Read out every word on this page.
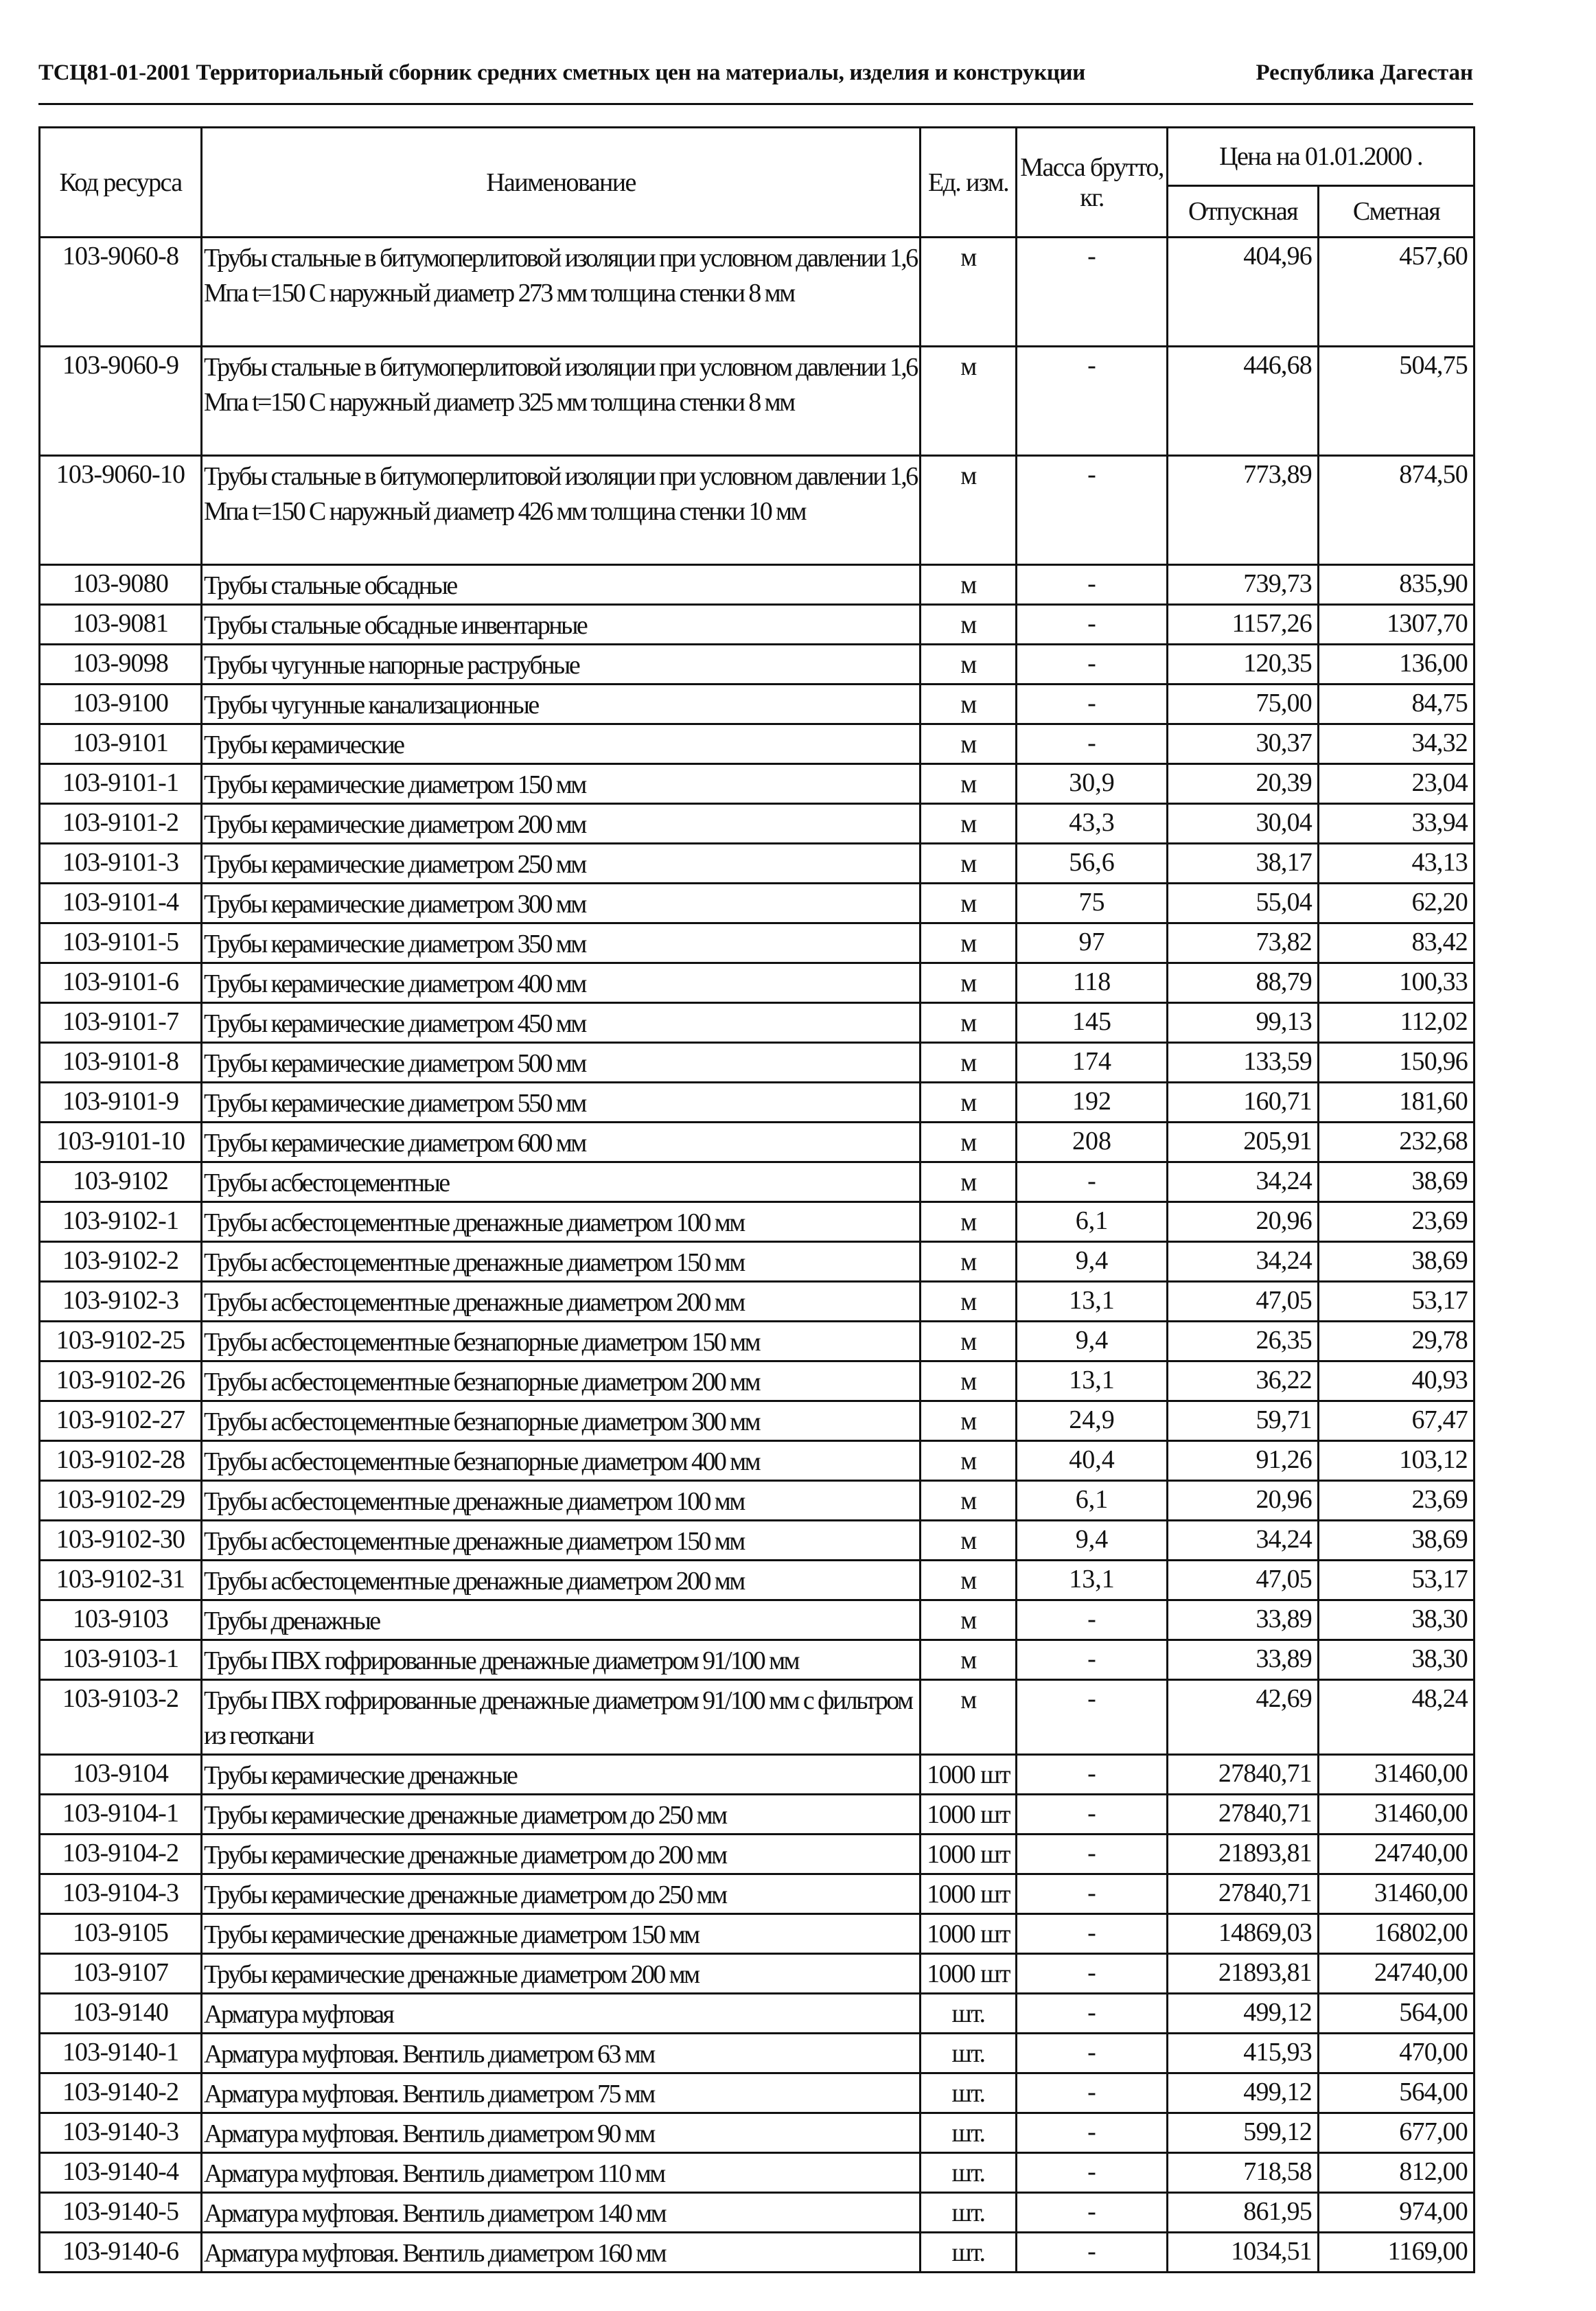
ТСЦ81-01-2001 Территориальный сборник средних сметных цен на материалы, изделия и конструкции	Республика Дагестан
Код ресурса	Наименование	Ед. изм.	Масса брутто, кг.	Цена на 01.01.2000 .	
				Отпускная	Сметная
103-9060-8	Трубы стальные в битумоперлитовой изоляции при условном давлении 1,6 Мпа t=150 С наружный диаметр 273 мм толщина стенки 8 мм	м	-	404,96	457,60
103-9060-9	Трубы стальные в битумоперлитовой изоляции при условном давлении 1,6 Мпа t=150 С наружный диаметр 325 мм толщина стенки 8 мм	м	-	446,68	504,75
103-9060-10	Трубы стальные в битумоперлитовой изоляции при условном давлении 1,6 Мпа t=150 С наружный диаметр 426 мм толщина стенки 10 мм	м	-	773,89	874,50
103-9080	Трубы стальные обсадные	м	-	739,73	835,90
103-9081	Трубы стальные обсадные инвентарные	м	-	1157,26	1307,70
103-9098	Трубы чугунные напорные раструбные	м	-	120,35	136,00
103-9100	Трубы чугунные канализационные	м	-	75,00	84,75
103-9101	Трубы керамические	м	-	30,37	34,32
103-9101-1	Трубы керамические диаметром 150 мм	м	30,9	20,39	23,04
103-9101-2	Трубы керамические диаметром 200 мм	м	43,3	30,04	33,94
103-9101-3	Трубы керамические диаметром 250 мм	м	56,6	38,17	43,13
103-9101-4	Трубы керамические диаметром 300 мм	м	75	55,04	62,20
103-9101-5	Трубы керамические диаметром 350 мм	м	97	73,82	83,42
103-9101-6	Трубы керамические диаметром 400 мм	м	118	88,79	100,33
103-9101-7	Трубы керамические диаметром 450 мм	м	145	99,13	112,02
103-9101-8	Трубы керамические диаметром 500 мм	м	174	133,59	150,96
103-9101-9	Трубы керамические диаметром 550 мм	м	192	160,71	181,60
103-9101-10	Трубы керамические диаметром 600 мм	м	208	205,91	232,68
103-9102	Трубы асбестоцементные	м	-	34,24	38,69
103-9102-1	Трубы асбестоцементные дренажные диаметром 100 мм	м	6,1	20,96	23,69
103-9102-2	Трубы асбестоцементные дренажные диаметром 150 мм	м	9,4	34,24	38,69
103-9102-3	Трубы асбестоцементные дренажные диаметром 200 мм	м	13,1	47,05	53,17
103-9102-25	Трубы асбестоцементные безнапорные диаметром 150 мм	м	9,4	26,35	29,78
103-9102-26	Трубы асбестоцементные безнапорные диаметром 200 мм	м	13,1	36,22	40,93
103-9102-27	Трубы асбестоцементные безнапорные диаметром 300 мм	м	24,9	59,71	67,47
103-9102-28	Трубы асбестоцементные безнапорные диаметром 400 мм	м	40,4	91,26	103,12
103-9102-29	Трубы асбестоцементные дренажные диаметром 100 мм	м	6,1	20,96	23,69
103-9102-30	Трубы асбестоцементные дренажные диаметром 150 мм	м	9,4	34,24	38,69
103-9102-31	Трубы асбестоцементные дренажные диаметром 200 мм	м	13,1	47,05	53,17
103-9103	Трубы дренажные	м	-	33,89	38,30
103-9103-1	Трубы ПВХ гофрированные дренажные диаметром 91/100 мм	м	-	33,89	38,30
103-9103-2	Трубы ПВХ гофрированные дренажные диаметром 91/100 мм с фильтром из геоткани	м	-	42,69	48,24
103-9104	Трубы керамические дренажные	1000 шт	-	27840,71	31460,00
103-9104-1	Трубы керамические дренажные диаметром до 250 мм	1000 шт	-	27840,71	31460,00
103-9104-2	Трубы керамические дренажные диаметром до 200 мм	1000 шт	-	21893,81	24740,00
103-9104-3	Трубы керамические дренажные диаметром до 250 мм	1000 шт	-	27840,71	31460,00
103-9105	Трубы керамические дренажные диаметром 150 мм	1000 шт	-	14869,03	16802,00
103-9107	Трубы керамические дренажные диаметром 200 мм	1000 шт	-	21893,81	24740,00
103-9140	Арматура муфтовая	шт.	-	499,12	564,00
103-9140-1	Арматура муфтовая. Вентиль диаметром 63 мм	шт.	-	415,93	470,00
103-9140-2	Арматура муфтовая. Вентиль диаметром 75 мм	шт.	-	499,12	564,00
103-9140-3	Арматура муфтовая. Вентиль диаметром 90 мм	шт.	-	599,12	677,00
103-9140-4	Арматура муфтовая. Вентиль диаметром 110 мм	шт.	-	718,58	812,00
103-9140-5	Арматура муфтовая. Вентиль диаметром 140 мм	шт.	-	861,95	974,00
103-9140-6	Арматура муфтовая. Вентиль диаметром 160 мм	шт.	-	1034,51	1169,00
